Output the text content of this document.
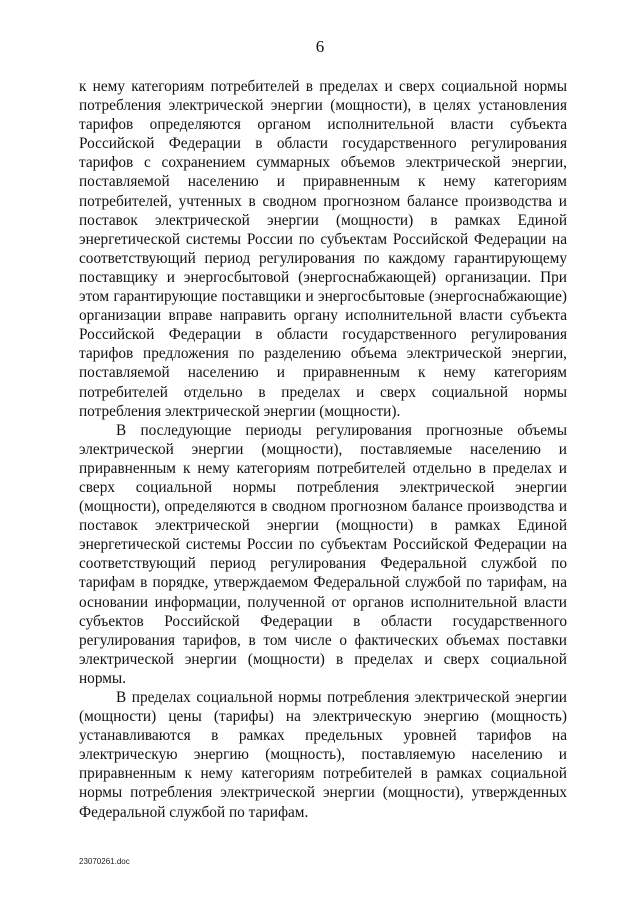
6

к нему категориям потребителей в пределах и сверх социальной нормы потребления электрической энергии (мощности), в целях установления тарифов определяются органом исполнительной власти субъекта Российской Федерации в области государственного регулирования тарифов с сохранением суммарных объемов электрической энергии, поставляемой населению и приравненным к нему категориям потребителей, учтенных в сводном прогнозном балансе производства и поставок электрической энергии (мощности) в рамках Единой энергетической системы России по субъектам Российской Федерации на соответствующий период регулирования по каждому гарантирующему поставщику и энергосбытовой (энергоснабжающей) организации. При этом гарантирующие поставщики и энергосбытовые (энергоснабжающие) организации вправе направить органу исполнительной власти субъекта Российской Федерации в области государственного регулирования тарифов предложения по разделению объема электрической энергии, поставляемой населению и приравненным к нему категориям потребителей отдельно в пределах и сверх социальной нормы потребления электрической энергии (мощности).

В последующие периоды регулирования прогнозные объемы электрической энергии (мощности), поставляемые населению и приравненным к нему категориям потребителей отдельно в пределах и сверх социальной нормы потребления электрической энергии (мощности), определяются в сводном прогнозном балансе производства и поставок электрической энергии (мощности) в рамках Единой энергетической системы России по субъектам Российской Федерации на соответствующий период регулирования Федеральной службой по тарифам в порядке, утверждаемом Федеральной службой по тарифам, на основании информации, полученной от органов исполнительной власти субъектов Российской Федерации в области государственного регулирования тарифов, в том числе о фактических объемах поставки электрической энергии (мощности) в пределах и сверх социальной нормы.

В пределах социальной нормы потребления электрической энергии (мощности) цены (тарифы) на электрическую энергию (мощность) устанавливаются в рамках предельных уровней тарифов на электрическую энергию (мощность), поставляемую населению и приравненным к нему категориям потребителей в рамках социальной нормы потребления электрической энергии (мощности), утвержденных Федеральной службой по тарифам.

23070261.doc
